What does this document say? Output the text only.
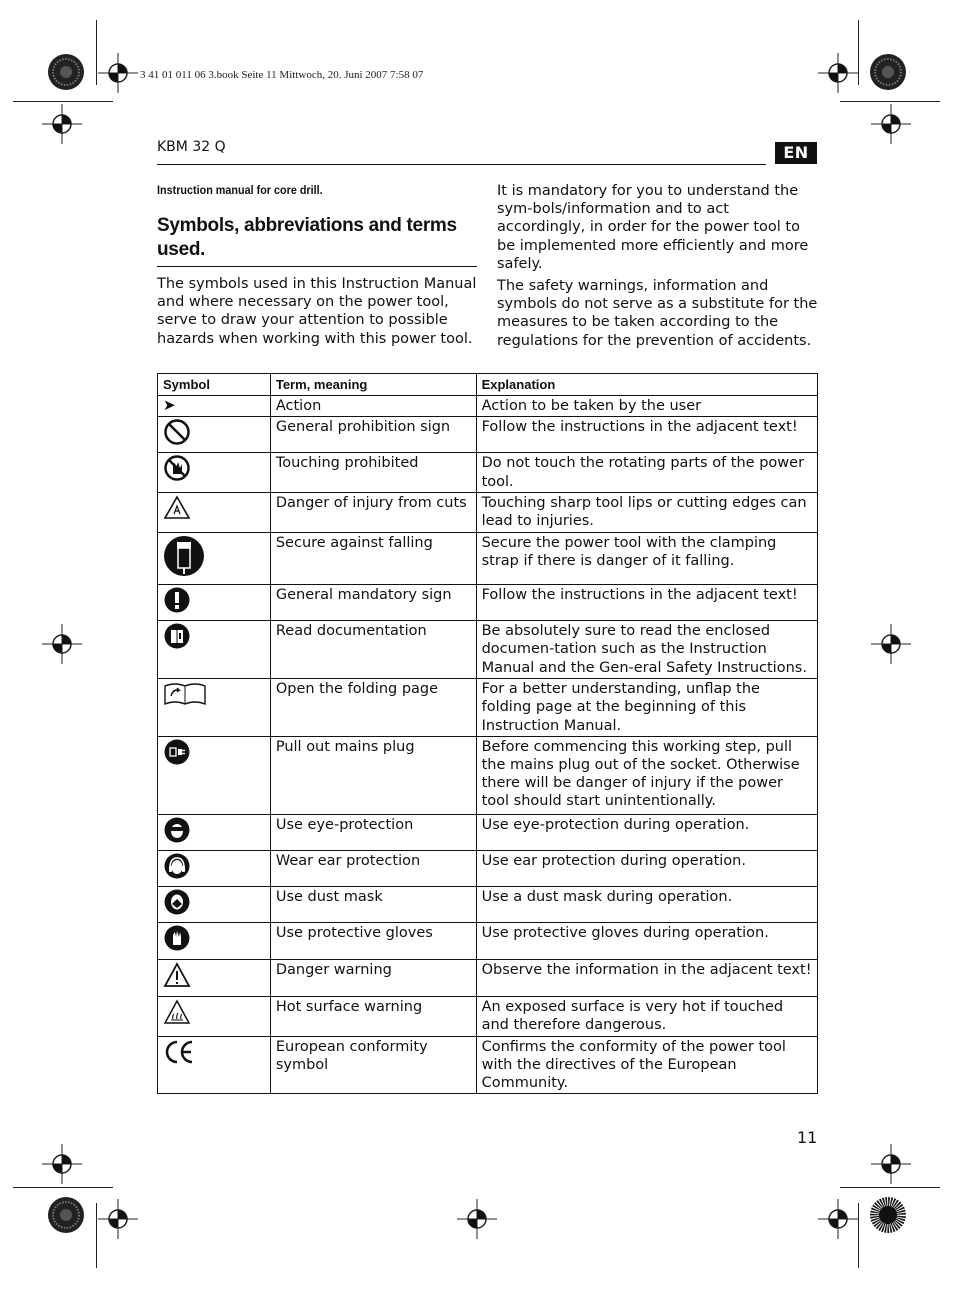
3 41 01 011 06 3.book Seite 11 Mittwoch, 20. Juni 2007 7:58 07
KBM 32 Q	EN
Instruction manual for core drill.
Symbols, abbreviations and terms used.
The symbols used in this Instruction Manual and where necessary on the power tool, serve to draw your attention to possible hazards when working with this power tool.

It is mandatory for you to understand the sym-bols/information and to act accordingly, in order for the power tool to be implemented more efficiently and more safely.

The safety warnings, information and symbols do not serve as a substitute for the measures to be taken according to the regulations for the prevention of accidents.

Symbol	Term, meaning	Explanation
➤	Action	Action to be taken by the user
	General prohibition sign	Follow the instructions in the adjacent text!
	Touching prohibited	Do not touch the rotating parts of the power tool.
	Danger of injury from cuts	Touching sharp tool lips or cutting edges can lead to injuries.
	Secure against falling	Secure the power tool with the clamping strap if there is danger of it falling.
	General mandatory sign	Follow the instructions in the adjacent text!
	Read documentation	Be absolutely sure to read the enclosed documen-tation such as the Instruction Manual and the Gen-eral Safety Instructions.
	Open the folding page	For a better understanding, unflap the folding page at the beginning of this Instruction Manual.
	Pull out mains plug	Before commencing this working step, pull the mains plug out of the socket. Otherwise there will be danger of injury if the power tool should start unintentionally.
	Use eye-protection	Use eye-protection during operation.
	Wear ear protection	Use ear protection during operation.
	Use dust mask	Use a dust mask during operation.
	Use protective gloves	Use protective gloves during operation.
	Danger warning	Observe the information in the adjacent text!
	Hot surface warning	An exposed surface is very hot if touched and therefore dangerous.
	European conformity symbol	Confirms the conformity of the power tool with the directives of the European Community.
11
